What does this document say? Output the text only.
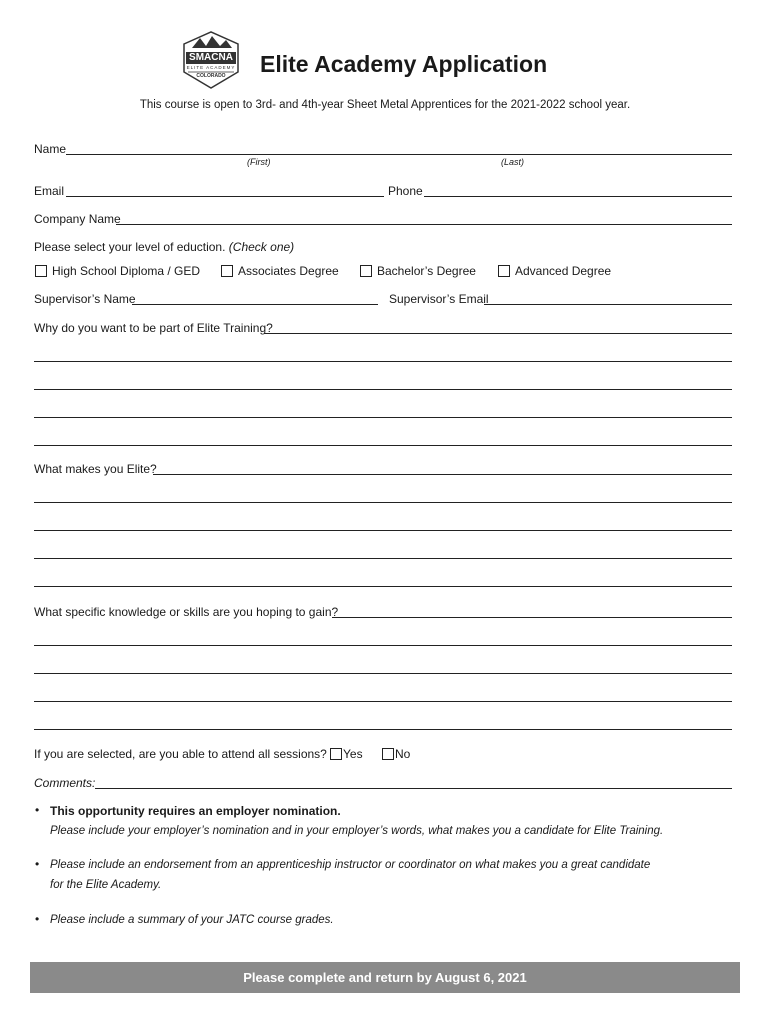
SMACNA
ELITE ACADEMY
COLORADO	Elite Academy Application
This course is open to 3rd- and 4th-year Sheet Metal Apprentices for the 2021-2022 school year.
Name
(First)	(Last)
Email	Phone
Company Name
Please select your level of eduction. (Check one)
High School Diploma / GED	Associates Degree	Bachelor’s Degree	Advanced Degree
Supervisor’s Name	Supervisor’s Email
Why do you want to be part of Elite Training?
What makes you Elite?
What specific knowledge or skills are you hoping to gain?
If you are selected, are you able to attend all sessions? Yes	No
Comments:
• This opportunity requires an employer nomination.
Please include your employer’s nomination and in your employer’s words, what makes you a candidate for Elite Training.
• Please include an endorsement from an apprenticeship instructor or coordinator on what makes you a great candidate
for the Elite Academy.
• Please include a summary of your JATC course grades.
Please complete and return by August 6, 2021
